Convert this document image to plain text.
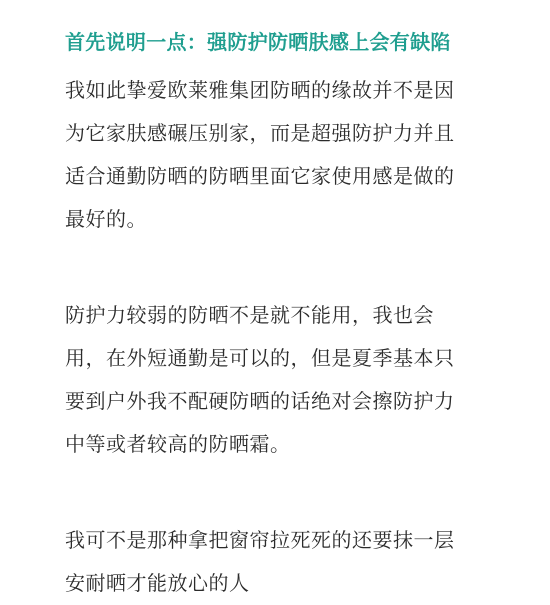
首先说明一点：强防护防晒肤感上会有缺陷

我如此挚爱欧莱雅集团防晒的缘故并不是因
为它家肤感碾压别家，而是超强防护力并且
适合通勤防晒的防晒里面它家使用感是做的
最好的。

防护力较弱的防晒不是就不能用，我也会
用，在外短通勤是可以的，但是夏季基本只
要到户外我不配硬防晒的话绝对会擦防护力
中等或者较高的防晒霜。

我可不是那种拿把窗帘拉死死的还要抹一层
安耐晒才能放心的人
